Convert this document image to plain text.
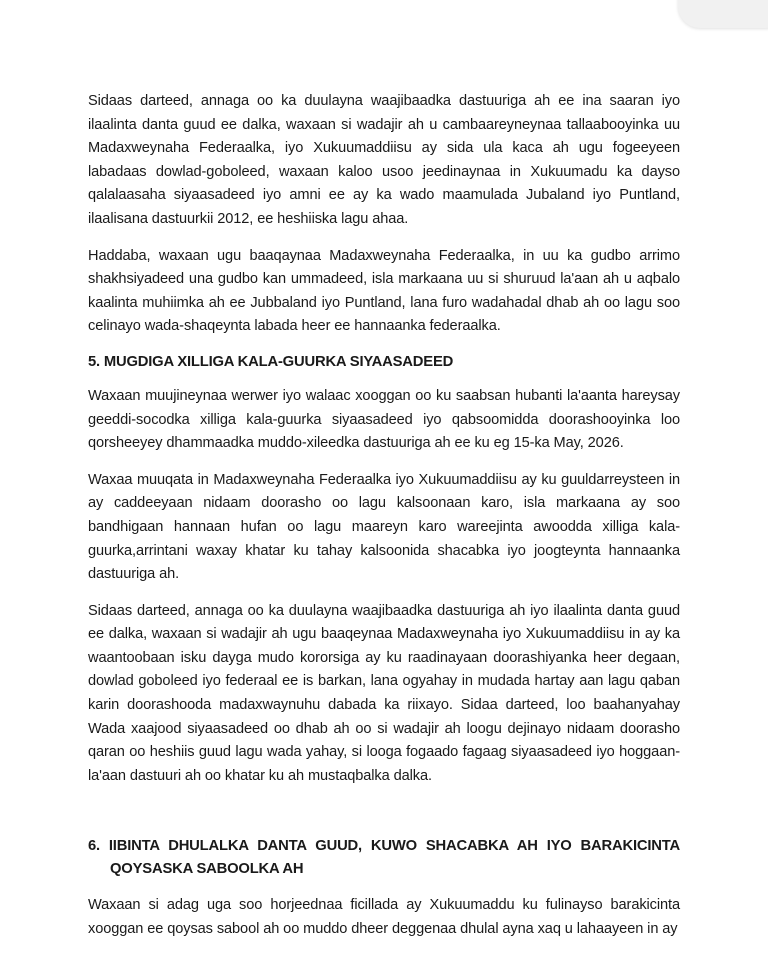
Sidaas darteed, annaga oo ka duulayna waajibaadka dastuuriga ah ee ina saaran iyo ilaalinta danta guud ee dalka, waxaan si wadajir ah u cambaareyneynaa tallaabooyinka uu Madaxweynaha Federaalka, iyo Xukuumaddiisu ay sida ula kaca ah ugu fogeeyeen labadaas dowlad-goboleed, waxaan kaloo usoo jeedinaynaa in Xukuumadu ka dayso qalalaasaha siyaasadeed iyo amni ee ay ka wado maamulada Jubaland iyo Puntland, ilaalisana dastuurkii 2012, ee heshiiska lagu ahaa.

Haddaba, waxaan ugu baaqaynaa Madaxweynaha Federaalka, in uu ka gudbo arrimo shakhsiyadeed una gudbo kan ummadeed, isla markaana uu si shuruud la'aan ah u aqbalo kaalinta muhiimka ah ee Jubbaland iyo Puntland, lana furo wadahadal dhab ah oo lagu soo celinayo wada-shaqeynta labada heer ee hannaanka federaalka.

5. MUGDIGA XILLIGA KALA-GUURKA SIYAASADEED

Waxaan muujineynaa werwer iyo walaac xooggan oo ku saabsan hubanti la'aanta hareysay geeddi-socodka xilliga kala-guurka siyaasadeed iyo qabsoomidda doorashooyinka loo qorsheeyey dhammaadka muddo-xileedka dastuuriga ah ee ku eg 15-ka May, 2026.

Waxaa muuqata in Madaxweynaha Federaalka iyo Xukuumaddiisu ay ku guuldarreysteen in ay caddeeyaan nidaam doorasho oo lagu kalsoonaan karo, isla markaana ay soo bandhigaan hannaan hufan oo lagu maareyn karo wareejinta awoodda xilliga kala-guurka,arrintani waxay khatar ku tahay kalsoonida shacabka iyo joogteynta hannaanka dastuuriga ah.

Sidaas darteed, annaga oo ka duulayna waajibaadka dastuuriga ah iyo ilaalinta danta guud ee dalka, waxaan si wadajir ah ugu baaqeynaa Madaxweynaha iyo Xukuumaddiisu in ay ka waantoobaan isku dayga mudo kororsiga ay ku raadinayaan doorashiyanka heer degaan, dowlad goboleed iyo federaal ee is barkan, lana ogyahay in mudada hartay aan lagu qaban karin doorashooda madaxwaynuhu dabada ka riixayo. Sidaa darteed, loo baahanyahay Wada xaajood siyaasadeed oo dhab ah oo si wadajir ah loogu dejinayo nidaam doorasho qaran oo heshiis guud lagu wada yahay, si looga fogaado fagaag siyaasadeed iyo hoggaan-la'aan dastuuri ah oo khatar ku ah mustaqbalka dalka.

6. IIBINTA DHULALKA DANTA GUUD, KUWO SHACABKA AH IYO BARAKICINTA QOYSASKA SABOOLKA AH

Waxaan si adag uga soo horjeednaa ficillada ay Xukuumaddu ku fulinayso barakicinta xooggan ee qoysas sabool ah oo muddo dheer deggenaa dhulal ayna xaq u lahaayeen in ay
